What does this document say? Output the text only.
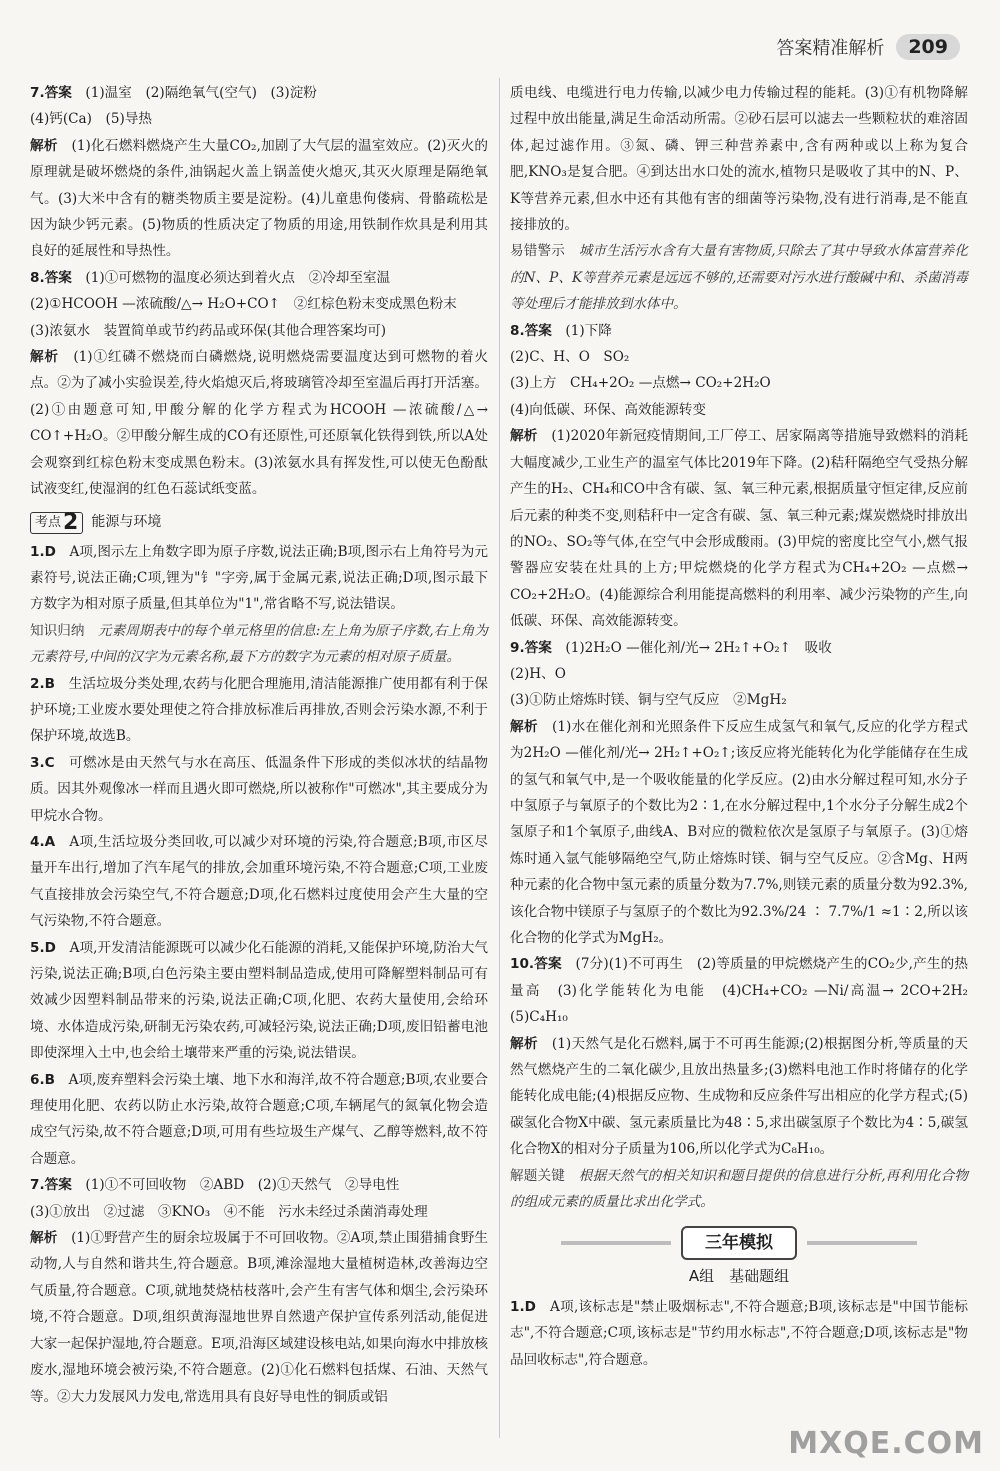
答案精准解析	209

7.答案　(1)温室　(2)隔绝氧气(空气)　(3)淀粉

(4)钙(Ca)　(5)导热

解析　(1)化石燃料燃烧产生大量CO₂,加剧了大气层的温室效应。(2)灭火的原理就是破坏燃烧的条件,油锅起火盖上锅盖使火熄灭,其灭火原理是隔绝氧气。(3)大米中含有的糖类物质主要是淀粉。(4)儿童患佝偻病、骨骼疏松是因为缺少钙元素。(5)物质的性质决定了物质的用途,用铁制作炊具是利用其良好的延展性和导热性。

8.答案　(1)①可燃物的温度必须达到着火点　②冷却至室温

(2)①HCOOH —浓硫酸/△→ H₂O+CO↑　②红棕色粉末变成黑色粉末

(3)浓氨水　装置简单或节约药品或环保(其他合理答案均可)

解析　(1)①红磷不燃烧而白磷燃烧,说明燃烧需要温度达到可燃物的着火点。②为了减小实验误差,待火焰熄灭后,将玻璃管冷却至室温后再打开活塞。(2)①由题意可知,甲酸分解的化学方程式为HCOOH —浓硫酸/△→ CO↑+H₂O。②甲酸分解生成的CO有还原性,可还原氧化铁得到铁,所以A处会观察到红棕色粉末变成黑色粉末。(3)浓氨水具有挥发性,可以使无色酚酞试液变红,使湿润的红色石蕊试纸变蓝。

考点 2 能源与环境

1.D　A项,图示左上角数字即为原子序数,说法正确;B项,图示右上角符号为元素符号,说法正确;C项,锂为"钅"字旁,属于金属元素,说法正确;D项,图示最下方数字为相对原子质量,但其单位为"1",常省略不写,说法错误。

知识归纳　元素周期表中的每个单元格里的信息:左上角为原子序数,右上角为元素符号,中间的汉字为元素名称,最下方的数字为元素的相对原子质量。

2.B　生活垃圾分类处理,农药与化肥合理施用,清洁能源推广使用都有利于保护环境;工业废水要处理使之符合排放标准后再排放,否则会污染水源,不利于保护环境,故选B。

3.C　可燃冰是由天然气与水在高压、低温条件下形成的类似冰状的结晶物质。因其外观像冰一样而且遇火即可燃烧,所以被称作"可燃冰",其主要成分为甲烷水合物。

4.A　A项,生活垃圾分类回收,可以减少对环境的污染,符合题意;B项,市区尽量开车出行,增加了汽车尾气的排放,会加重环境污染,不符合题意;C项,工业废气直接排放会污染空气,不符合题意;D项,化石燃料过度使用会产生大量的空气污染物,不符合题意。

5.D　A项,开发清洁能源既可以减少化石能源的消耗,又能保护环境,防治大气污染,说法正确;B项,白色污染主要由塑料制品造成,使用可降解塑料制品可有效减少因塑料制品带来的污染,说法正确;C项,化肥、农药大量使用,会给环境、水体造成污染,研制无污染农药,可减轻污染,说法正确;D项,废旧铅蓄电池即使深埋入土中,也会给土壤带来严重的污染,说法错误。

6.B　A项,废弃塑料会污染土壤、地下水和海洋,故不符合题意;B项,农业要合理使用化肥、农药以防止水污染,故符合题意;C项,车辆尾气的氮氧化物会造成空气污染,故不符合题意;D项,可用有些垃圾生产煤气、乙醇等燃料,故不符合题意。

7.答案　(1)①不可回收物　②ABD　(2)①天然气　②导电性

(3)①放出　②过滤　③KNO₃　④不能　污水未经过杀菌消毒处理

解析　(1)①野营产生的厨余垃圾属于不可回收物。②A项,禁止围猎捕食野生动物,人与自然和谐共生,符合题意。B项,滩涂湿地大量植树造林,改善海边空气质量,符合题意。C项,就地焚烧枯枝落叶,会产生有害气体和烟尘,会污染环境,不符合题意。D项,组织黄海湿地世界自然遗产保护宣传系列活动,能促进大家一起保护湿地,符合题意。E项,沿海区域建设核电站,如果向海水中排放核废水,湿地环境会被污染,不符合题意。(2)①化石燃料包括煤、石油、天然气等。②大力发展风力发电,常选用具有良好导电性的铜质或铝

质电线、电缆进行电力传输,以减少电力传输过程的能耗。(3)①有机物降解过程中放出能量,满足生命活动所需。②砂石层可以滤去一些颗粒状的难溶固体,起过滤作用。③氮、磷、钾三种营养素中,含有两种或以上称为复合肥,KNO₃是复合肥。④到达出水口处的流水,植物只是吸收了其中的N、P、K等营养元素,但水中还有其他有害的细菌等污染物,没有进行消毒,是不能直接排放的。

易错警示　城市生活污水含有大量有害物质,只除去了其中导致水体富营养化的N、P、K等营养元素是远远不够的,还需要对污水进行酸碱中和、杀菌消毒等处理后才能排放到水体中。

8.答案　(1)下降

(2)C、H、O　SO₂

(3)上方　CH₄+2O₂ —点燃→ CO₂+2H₂O

(4)向低碳、环保、高效能源转变

解析　(1)2020年新冠疫情期间,工厂停工、居家隔离等措施导致燃料的消耗大幅度减少,工业生产的温室气体比2019年下降。(2)秸秆隔绝空气受热分解产生的H₂、CH₄和CO中含有碳、氢、氧三种元素,根据质量守恒定律,反应前后元素的种类不变,则秸秆中一定含有碳、氢、氧三种元素;煤炭燃烧时排放出的NO₂、SO₂等气体,在空气中会形成酸雨。(3)甲烷的密度比空气小,燃气报警器应安装在灶具的上方;甲烷燃烧的化学方程式为CH₄+2O₂ —点燃→ CO₂+2H₂O。(4)能源综合利用能提高燃料的利用率、减少污染物的产生,向低碳、环保、高效能源转变。

9.答案　(1)2H₂O —催化剂/光→ 2H₂↑+O₂↑　吸收

(2)H、O

(3)①防止熔炼时镁、铜与空气反应　②MgH₂

解析　(1)水在催化剂和光照条件下反应生成氢气和氧气,反应的化学方程式为2H₂O —催化剂/光→ 2H₂↑+O₂↑;该反应将光能转化为化学能储存在生成的氢气和氧气中,是一个吸收能量的化学反应。(2)由水分解过程可知,水分子中氢原子与氧原子的个数比为2∶1,在水分解过程中,1个水分子分解生成2个氢原子和1个氧原子,曲线A、B对应的微粒依次是氢原子与氧原子。(3)①熔炼时通入氩气能够隔绝空气,防止熔炼时镁、铜与空气反应。②含Mg、H两种元素的化合物中氢元素的质量分数为7.7%,则镁元素的质量分数为92.3%,该化合物中镁原子与氢原子的个数比为92.3%/24 ∶ 7.7%/1 ≈1∶2,所以该化合物的化学式为MgH₂。

10.答案　(7分)(1)不可再生　(2)等质量的甲烷燃烧产生的CO₂少,产生的热量高　(3)化学能转化为电能　(4)CH₄+CO₂ —Ni/高温→ 2CO+2H₂　(5)C₄H₁₀

解析　(1)天然气是化石燃料,属于不可再生能源;(2)根据图分析,等质量的天然气燃烧产生的二氧化碳少,且放出热量多;(3)燃料电池工作时将储存的化学能转化成电能;(4)根据反应物、生成物和反应条件写出相应的化学方程式;(5)碳氢化合物X中碳、氢元素质量比为48∶5,求出碳氢原子个数比为4∶5,碳氢化合物X的相对分子质量为106,所以化学式为C₈H₁₀。

解题关键　根据天然气的相关知识和题目提供的信息进行分析,再利用化合物的组成元素的质量比求出化学式。

三年模拟
A组　基础题组

1.D　A项,该标志是"禁止吸烟标志",不符合题意;B项,该标志是"中国节能标志",不符合题意;C项,该标志是"节约用水标志",不符合题意;D项,该标志是"物品回收标志",符合题意。

MXQE.COM
